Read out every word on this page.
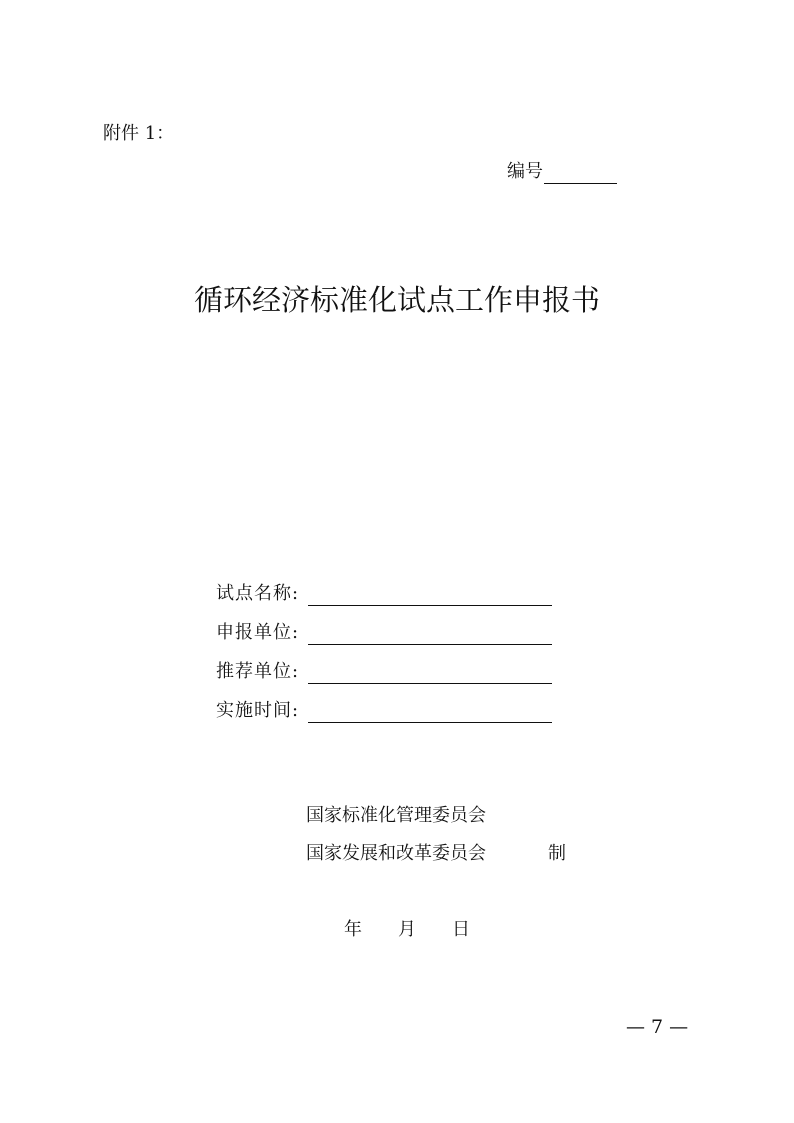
附件 1：
编号
循环经济标准化试点工作申报书
试点名称:
申报单位:
推荐单位:
实施时间:
国家标准化管理委员会
国家发展和改革委员会	制
年 月 日
— 7 —
